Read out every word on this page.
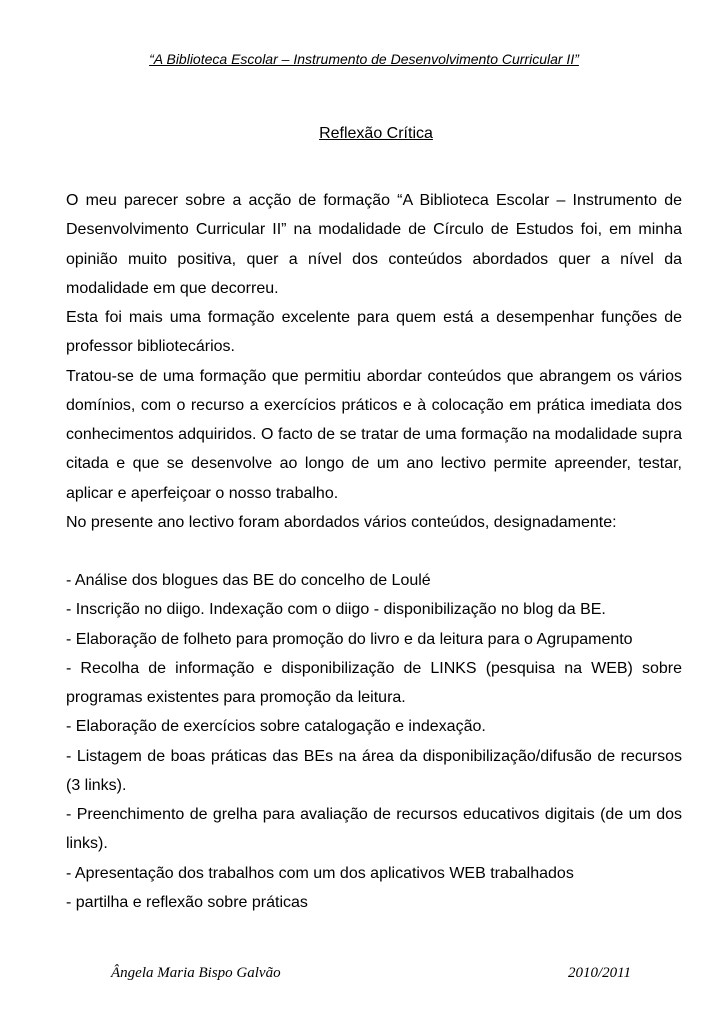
“A Biblioteca Escolar – Instrumento de Desenvolvimento Curricular II”
Reflexão Crítica

O meu parecer sobre a acção de formação “A Biblioteca Escolar – Instrumento de Desenvolvimento Curricular II” na modalidade de Círculo de Estudos foi, em minha opinião muito positiva, quer a nível dos conteúdos abordados quer a nível da modalidade em que decorreu.

Esta foi mais uma formação excelente para quem está a desempenhar funções de professor bibliotecários.

Tratou-se de uma formação que permitiu abordar conteúdos que abrangem os vários domínios, com o recurso a exercícios práticos e à colocação em prática imediata dos conhecimentos adquiridos. O facto de se tratar de uma formação na modalidade supra citada e que se desenvolve ao longo de um ano lectivo permite apreender, testar, aplicar e aperfeiçoar o nosso trabalho.

No presente ano lectivo foram abordados vários conteúdos, designadamente:

- Análise dos blogues das BE do concelho de Loulé

- Inscrição no diigo. Indexação com o diigo - disponibilização no blog da BE.

- Elaboração de folheto para promoção do livro e da leitura para o Agrupamento

- Recolha de informação e disponibilização de LINKS (pesquisa na WEB) sobre programas existentes para promoção da leitura.

- Elaboração de exercícios sobre catalogação e indexação.

- Listagem de boas práticas das BEs na área da disponibilização/difusão de recursos (3 links).

- Preenchimento de grelha para avaliação de recursos educativos digitais (de um dos links).

- Apresentação dos trabalhos com um dos aplicativos WEB trabalhados

- partilha e reflexão sobre práticas

Ângela Maria Bispo Galvão	2010/2011
